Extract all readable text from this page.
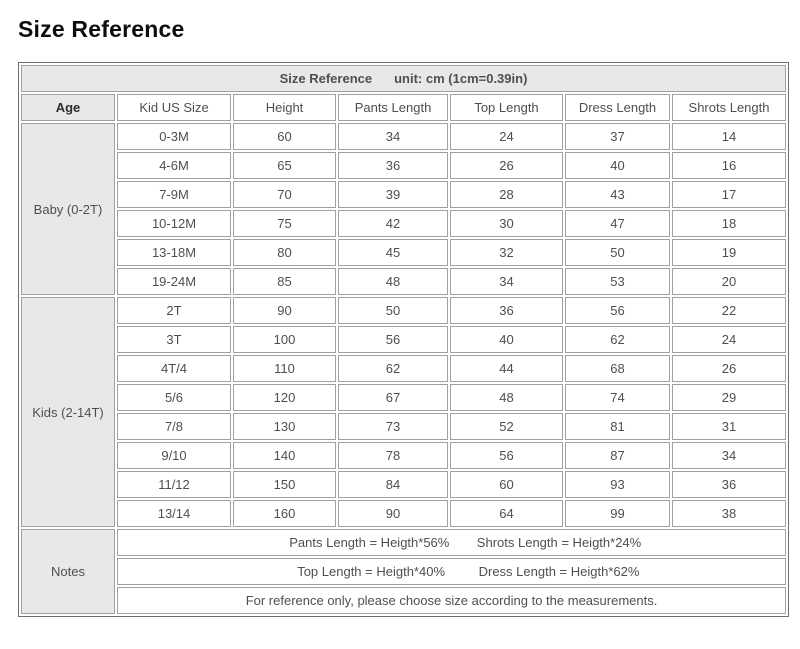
Size Reference
Size Reference unit: cm (1cm=0.39in)						
Age	Kid US Size	Height	Pants Length	Top Length	Dress Length	Shrots Length
Baby (0-2T)	0-3M	60	34	24	37	14
	4-6M	65	36	26	40	16
	7-9M	70	39	28	43	17
	10-12M	75	42	30	47	18
	13-18M	80	45	32	50	19
	19-24M	85	48	34	53	20
Kids (2-14T)	2T	90	50	36	56	22
	3T	100	56	40	62	24
	4T/4	110	62	44	68	26
	5/6	120	67	48	74	29
	7/8	130	73	52	81	31
	9/10	140	78	56	87	34
	11/12	150	84	60	93	36
	13/14	160	90	64	99	38
Notes	Pants Length = Heigth*56% Shrots Length = Heigth*24%					
	Top Length = Heigth*40% Dress Length = Heigth*62%					
	For reference only, please choose size according to the measurements.					
